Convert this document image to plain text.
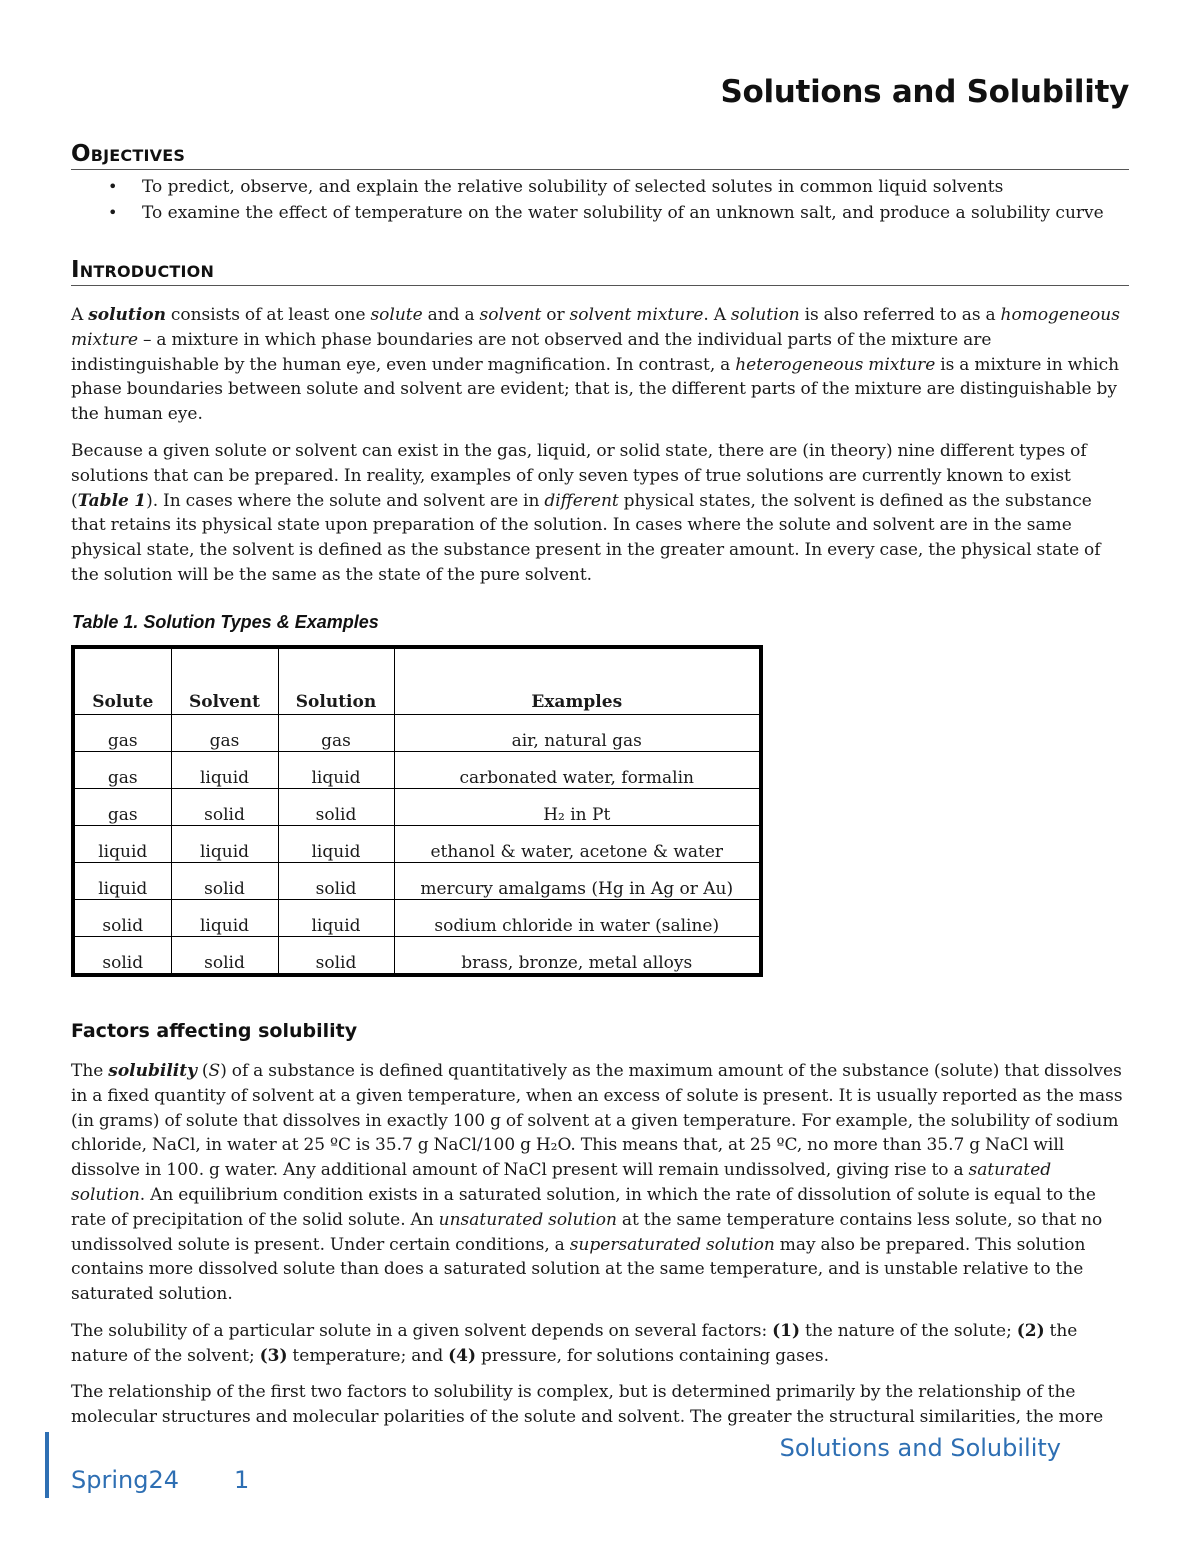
Solutions and Solubility
Objectives
• To predict, observe, and explain the relative solubility of selected solutes in common liquid solvents
• To examine the effect of temperature on the water solubility of an unknown salt, and produce a solubility curve
Introduction

A solution consists of at least one solute and a solvent or solvent mixture. A solution is also referred to as a homogeneous mixture – a mixture in which phase boundaries are not observed and the individual parts of the mixture are indistinguishable by the human eye, even under magnification. In contrast, a heterogeneous mixture is a mixture in which phase boundaries between solute and solvent are evident; that is, the different parts of the mixture are distinguishable by the human eye.

Because a given solute or solvent can exist in the gas, liquid, or solid state, there are (in theory) nine different types of solutions that can be prepared. In reality, examples of only seven types of true solutions are currently known to exist (Table 1). In cases where the solute and solvent are in different physical states, the solvent is defined as the substance that retains its physical state upon preparation of the solution. In cases where the solute and solvent are in the same physical state, the solvent is defined as the substance present in the greater amount. In every case, the physical state of the solution will be the same as the state of the pure solvent.

Table 1. Solution Types & Examples

Solute	Solvent	Solution	Examples
gas	gas	gas	air, natural gas
gas	liquid	liquid	carbonated water, formalin
gas	solid	solid	H₂ in Pt
liquid	liquid	liquid	ethanol & water, acetone & water
liquid	solid	solid	mercury amalgams (Hg in Ag or Au)
solid	liquid	liquid	sodium chloride in water (saline)
solid	solid	solid	brass, bronze, metal alloys
Factors affecting solubility

The solubility (S) of a substance is defined quantitatively as the maximum amount of the substance (solute) that dissolves in a fixed quantity of solvent at a given temperature, when an excess of solute is present. It is usually reported as the mass (in grams) of solute that dissolves in exactly 100 g of solvent at a given temperature. For example, the solubility of sodium chloride, NaCl, in water at 25 ºC is 35.7 g NaCl/100 g H₂O. This means that, at 25 ºC, no more than 35.7 g NaCl will dissolve in 100. g water. Any additional amount of NaCl present will remain undissolved, giving rise to a saturated solution. An equilibrium condition exists in a saturated solution, in which the rate of dissolution of solute is equal to the rate of precipitation of the solid solute. An unsaturated solution at the same temperature contains less solute, so that no undissolved solute is present. Under certain conditions, a supersaturated solution may also be prepared. This solution contains more dissolved solute than does a saturated solution at the same temperature, and is unstable relative to the saturated solution.

The solubility of a particular solute in a given solvent depends on several factors: (1) the nature of the solute; (2) the nature of the solvent; (3) temperature; and (4) pressure, for solutions containing gases.

The relationship of the first two factors to solubility is complex, but is determined primarily by the relationship of the molecular structures and molecular polarities of the solute and solvent. The greater the structural similarities, the more

Solutions and Solubility

Spring24 1
